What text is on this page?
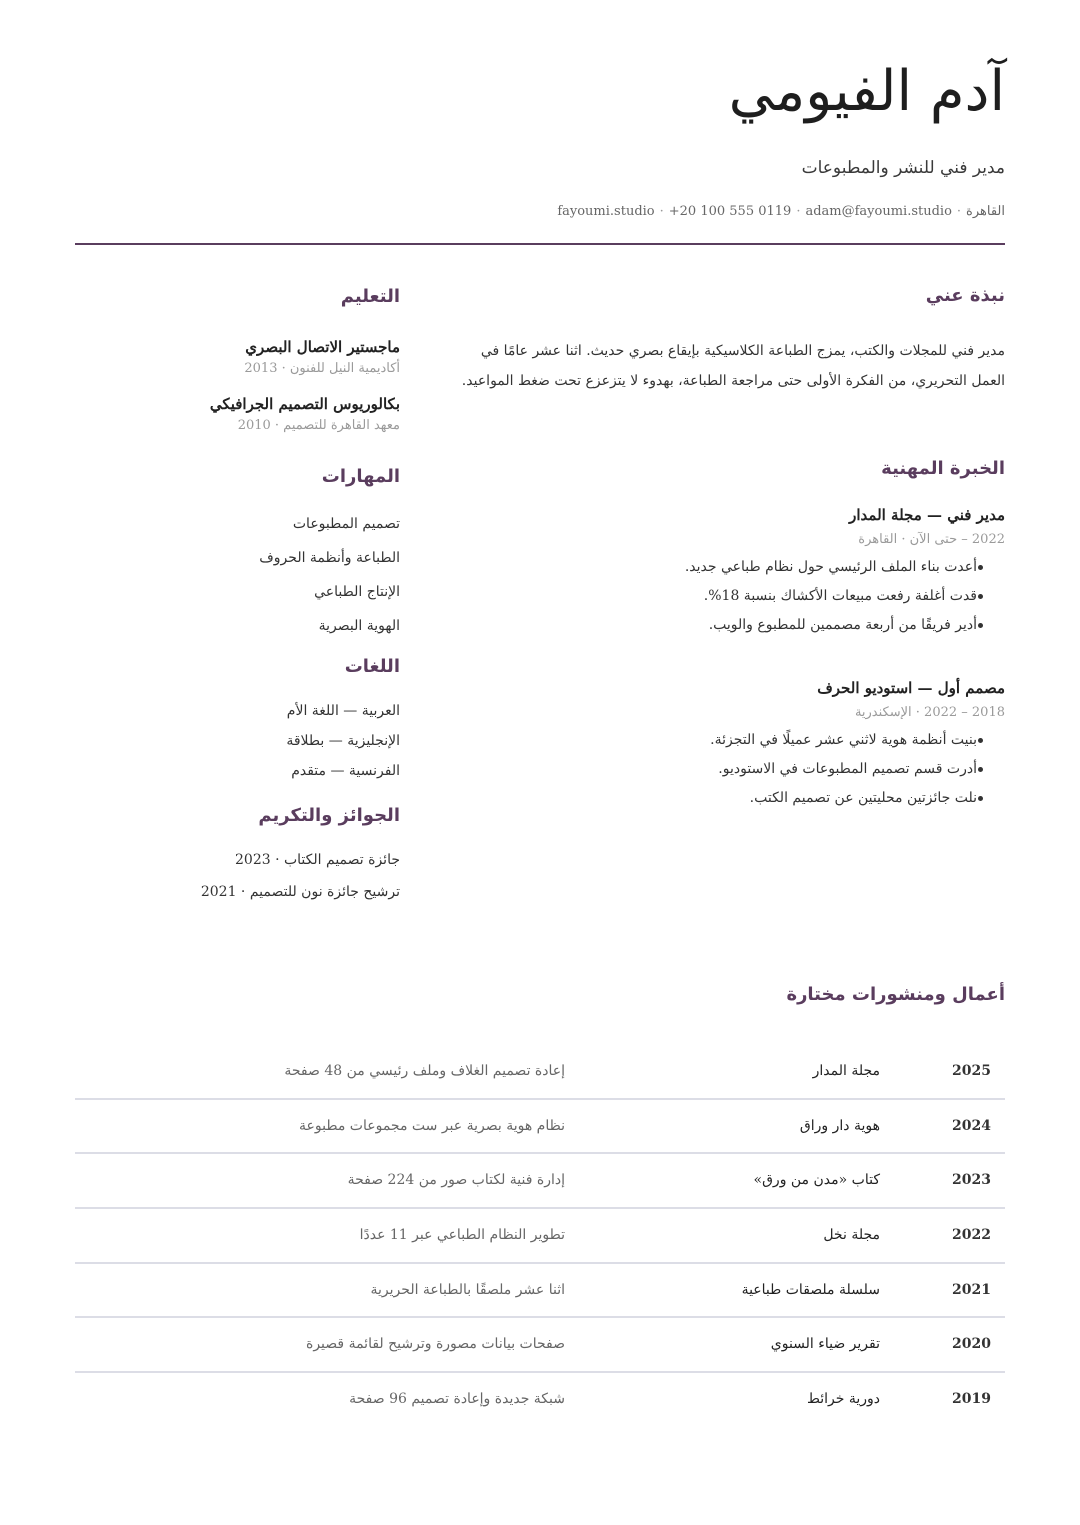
آدم الفيومي
مدير فني للنشر والمطبوعات
القاهرة·fayoumi.studio · +20 100 555 0119 · adam@fayoumi.studio
نبذة عني

مدير فني للمجلات والكتب، يمزج الطباعة الكلاسيكية بإيقاع بصري حديث. اثنا عشر عامًا في العمل التحريري، من الفكرة الأولى حتى مراجعة الطباعة، بهدوء لا يتزعزع تحت ضغط المواعيد.

الخبرة المهنية
مدير فني — مجلة المدار
2022 – حتى الآن · القاهرة
أعدت بناء الملف الرئيسي حول نظام طباعي جديد.
قدت أغلفة رفعت مبيعات الأكشاك بنسبة 18%.
أدير فريقًا من أربعة مصممين للمطبوع والويب.
مصمم أول — استوديو الحرف
2018 – 2022 · الإسكندرية
بنيت أنظمة هوية لاثني عشر عميلًا في التجزئة.
أدرت قسم تصميم المطبوعات في الاستوديو.
نلت جائزتين محليتين عن تصميم الكتب.
التعليم
ماجستير الاتصال البصري
أكاديمية النيل للفنون · 2013
بكالوريوس التصميم الجرافيكي
معهد القاهرة للتصميم · 2010
المهارات
تصميم المطبوعات
الطباعة وأنظمة الحروف
الإنتاج الطباعي
الهوية البصرية
اللغات
العربية — اللغة الأم
الإنجليزية — بطلاقة
الفرنسية — متقدم
الجوائز والتكريم
جائزة تصميم الكتاب · 2023
ترشيح جائزة نون للتصميم · 2021
أعمال ومنشورات مختارة
2025
مجلة المدار
إعادة تصميم الغلاف وملف رئيسي من 48 صفحة
2024
هوية دار وراق
نظام هوية بصرية عبر ست مجموعات مطبوعة
2023
كتاب «مدن من ورق»
إدارة فنية لكتاب صور من 224 صفحة
2022
مجلة نخل
تطوير النظام الطباعي عبر 11 عددًا
2021
سلسلة ملصقات طباعية
اثنا عشر ملصقًا بالطباعة الحريرية
2020
تقرير ضياء السنوي
صفحات بيانات مصورة وترشيح لقائمة قصيرة
2019
دورية خرائط
شبكة جديدة وإعادة تصميم 96 صفحة
